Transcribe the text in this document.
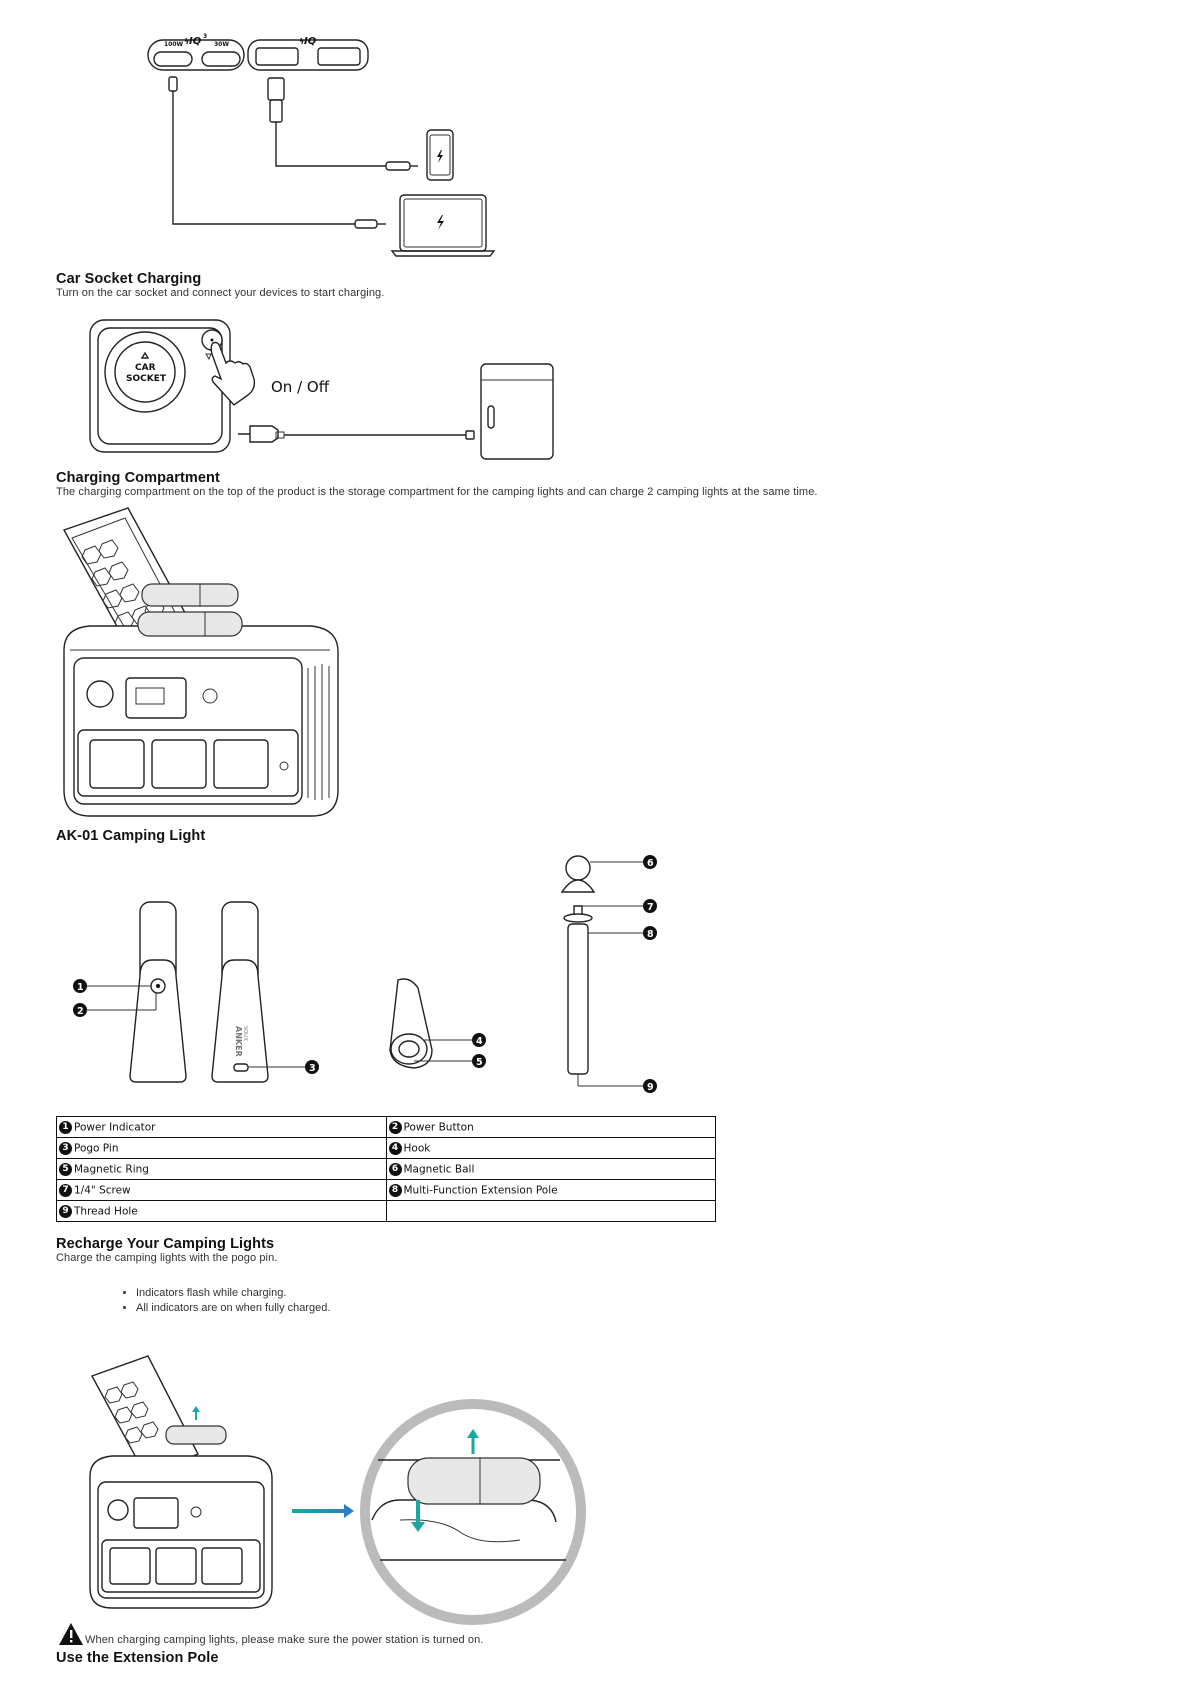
100W	30W
IQ 3
ϟ	IQ
ϟ
Car Socket Charging
Turn on the car socket and connect your devices to start charging.
CAR
SOCKET	On / Off
Charging Compartment
The charging compartment on the top of the product is the storage compartment for the camping lights and can charge 2 camping lights at the same time.
AK-01 Camping Light
ANKER SOLIX
1
2
3
4
5
6
7
8
9
1 Power Indicator	2 Power Button
3 Pogo Pin	4 Hook
5 Magnetic Ring	6 Magnetic Ball
7 1/4" Screw	8 Multi-Function Extension Pole
9 Thread Hole	
Recharge Your Camping Lights
Charge the camping lights with the pogo pin.
• Indicators flash while charging.
• All indicators are on when fully charged.
When charging camping lights, please make sure the power station is turned on.
Use the Extension Pole
